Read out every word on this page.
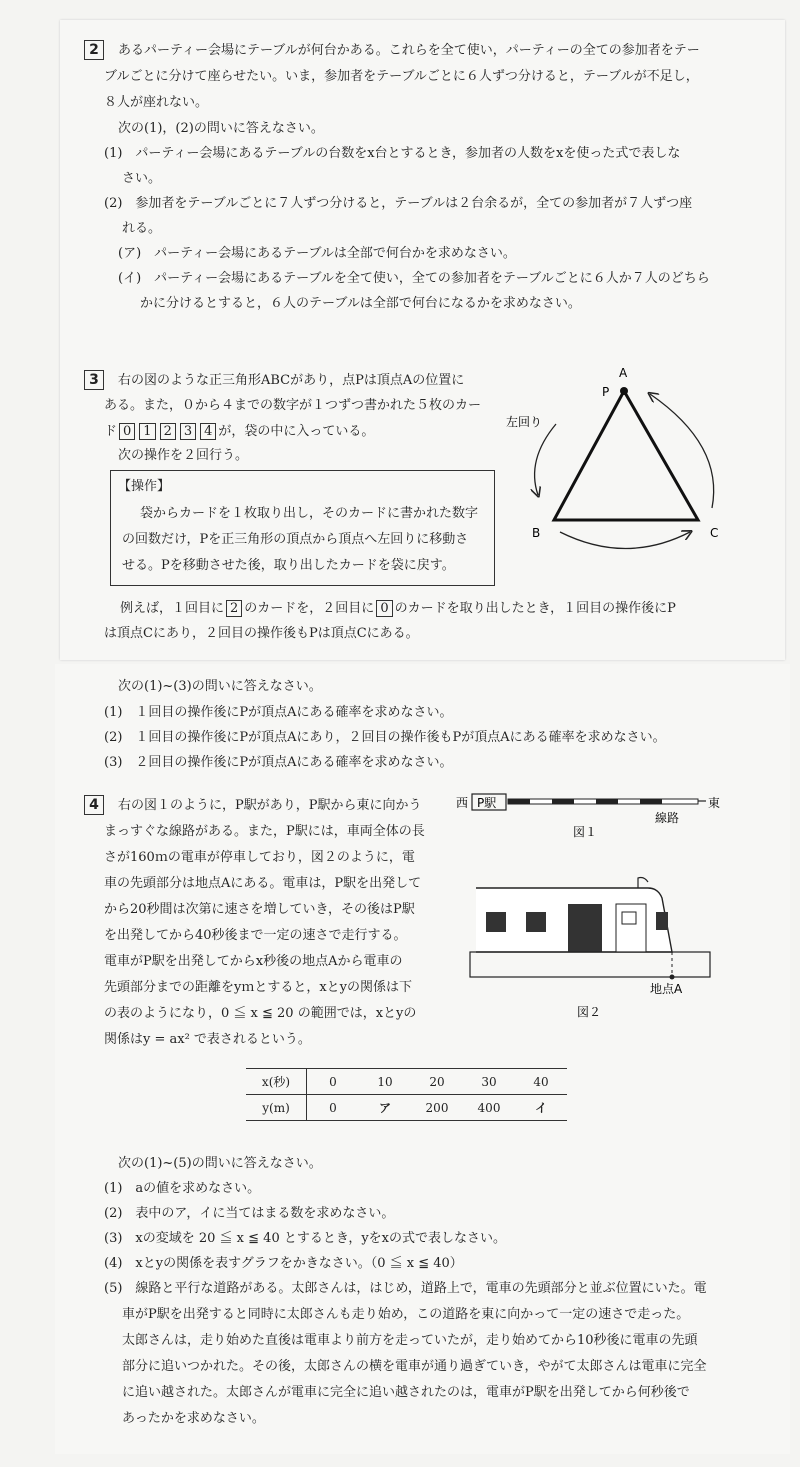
2	あるパーティー会場にテーブルが何台かある。これらを全て使い，パーティーの全ての参加者をテー
ブルごとに分けて座らせたい。いま，参加者をテーブルごとに６人ずつ分けると，テーブルが不足し，
８人が座れない。
次の(1)，(2)の問いに答えなさい。
(1)　パーティー会場にあるテーブルの台数をx台とするとき，参加者の人数をxを使った式で表しな
さい。
(2)　参加者をテーブルごとに７人ずつ分けると，テーブルは２台余るが，全ての参加者が７人ずつ座
れる。
(ア)　パーティー会場にあるテーブルは全部で何台かを求めなさい。
(イ)　パーティー会場にあるテーブルを全て使い，全ての参加者をテーブルごとに６人か７人のどちら
かに分けるとすると，６人のテーブルは全部で何台になるかを求めなさい。
3	右の図のような正三角形ABCがあり，点Pは頂点Aの位置に
ある。また，０から４までの数字が１つずつ書かれた５枚のカー
ド 0 1 2 3 4 が，袋の中に入っている。
次の操作を２回行う。
【操作】
袋からカードを１枚取り出し，そのカードに書かれた数字
の回数だけ，Pを正三角形の頂点から頂点へ左回りに移動さ
せる。Pを移動させた後，取り出したカードを袋に戻す。
A
P
B	C
左回り
例えば，１回目に 2 のカードを，２回目に 0 のカードを取り出したとき，１回目の操作後にP
は頂点Cにあり，２回目の操作後もPは頂点Cにある。
次の(1)~(3)の問いに答えなさい。
(1)　１回目の操作後にPが頂点Aにある確率を求めなさい。
(2)　１回目の操作後にPが頂点Aにあり，２回目の操作後もPが頂点Aにある確率を求めなさい。
(3)　２回目の操作後にPが頂点Aにある確率を求めなさい。
4	右の図１のように，P駅があり，P駅から東に向かう
まっすぐな線路がある。また，P駅には，車両全体の長
さが160ｍの電車が停車しており，図２のように，電
車の先頭部分は地点Aにある。電車は，P駅を出発して
から20秒間は次第に速さを増していき，その後はP駅
を出発してから40秒後まで一定の速さで走行する。
電車がP駅を出発してからx秒後の地点Aから電車の
先頭部分までの距離をyｍとすると，xとyの関係は下
の表のようになり，0 ≦ x ≦ 20 の範囲では，xとyの
関係はy = ax² で表されるという。
西 P駅	東
線路
図１
地点A
図２
x(秒)	0	10	20	30	40
y(m)	0	ア	200	400	イ
次の(1)~(5)の問いに答えなさい。
(1)　aの値を求めなさい。
(2)　表中のア，イに当てはまる数を求めなさい。
(3)　xの変域を 20 ≦ x ≦ 40 とするとき，yをxの式で表しなさい。
(4)　xとyの関係を表すグラフをかきなさい。（0 ≦ x ≦ 40）
(5)　線路と平行な道路がある。太郎さんは，はじめ，道路上で，電車の先頭部分と並ぶ位置にいた。電
車がP駅を出発すると同時に太郎さんも走り始め，この道路を東に向かって一定の速さで走った。
太郎さんは，走り始めた直後は電車より前方を走っていたが，走り始めてから10秒後に電車の先頭
部分に追いつかれた。その後，太郎さんの横を電車が通り過ぎていき，やがて太郎さんは電車に完全
に追い越された。太郎さんが電車に完全に追い越されたのは，電車がP駅を出発してから何秒後で
あったかを求めなさい。
